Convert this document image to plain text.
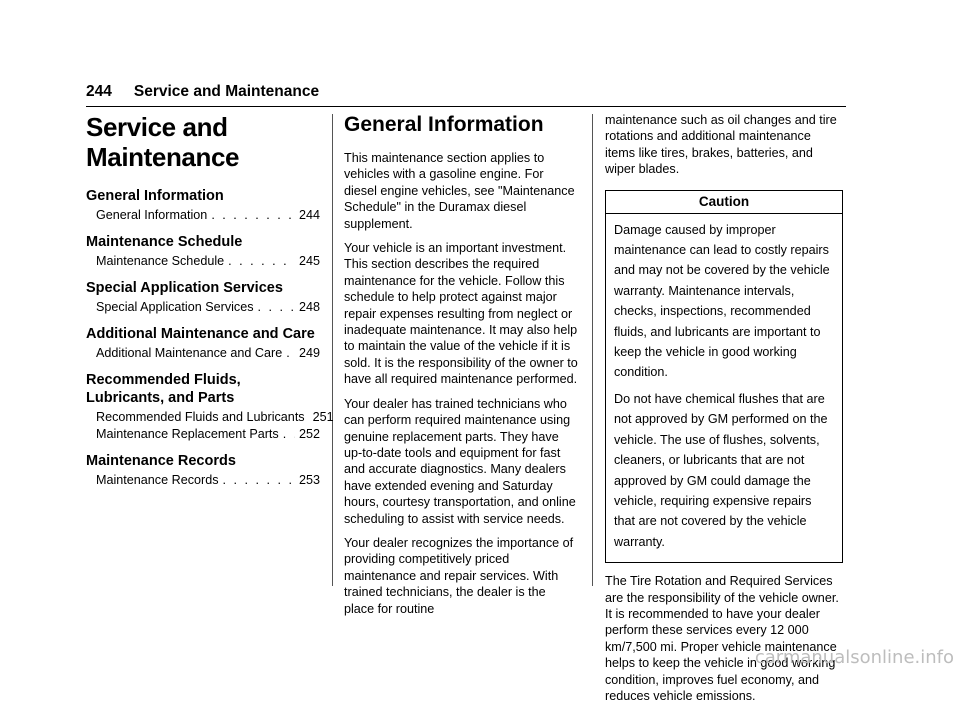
244 Service and Maintenance
Service and Maintenance
General Information
General Information . . .	244
Maintenance Schedule
Maintenance Schedule . . .	245
Special Application Services
Special Application Services . . .	248
Additional Maintenance and Care
Additional Maintenance and Care . . . 249
Recommended Fluids, Lubricants, and Parts
Recommended Fluids and Lubricants 251
Maintenance Replacement Parts . . . 252
Maintenance Records
Maintenance Records . . .	253
General Information

This maintenance section applies to vehicles with a gasoline engine. For diesel engine vehicles, see "Maintenance Schedule" in the Duramax diesel supplement.

Your vehicle is an important investment. This section describes the required maintenance for the vehicle. Follow this schedule to help protect against major repair expenses resulting from neglect or inadequate maintenance. It may also help to maintain the value of the vehicle if it is sold. It is the responsibility of the owner to have all required maintenance performed.

Your dealer has trained technicians who can perform required maintenance using genuine replacement parts. They have up-to-date tools and equipment for fast and accurate diagnostics. Many dealers have extended evening and Saturday hours, courtesy transportation, and online scheduling to assist with service needs.

Your dealer recognizes the importance of providing competitively priced maintenance and repair services. With trained technicians, the dealer is the place for routine

maintenance such as oil changes and tire rotations and additional maintenance items like tires, brakes, batteries, and wiper blades.

Caution

Damage caused by improper maintenance can lead to costly repairs and may not be covered by the vehicle warranty. Maintenance intervals, checks, inspections, recommended fluids, and lubricants are important to keep the vehicle in good working condition.

Do not have chemical flushes that are not approved by GM performed on the vehicle. The use of flushes, solvents, cleaners, or lubricants that are not approved by GM could damage the vehicle, requiring expensive repairs that are not covered by the vehicle warranty.

The Tire Rotation and Required Services are the responsibility of the vehicle owner. It is recommended to have your dealer perform these services every 12 000 km/7,500 mi. Proper vehicle maintenance helps to keep the vehicle in good working condition, improves fuel economy, and reduces vehicle emissions.

carmanualsonline.info
